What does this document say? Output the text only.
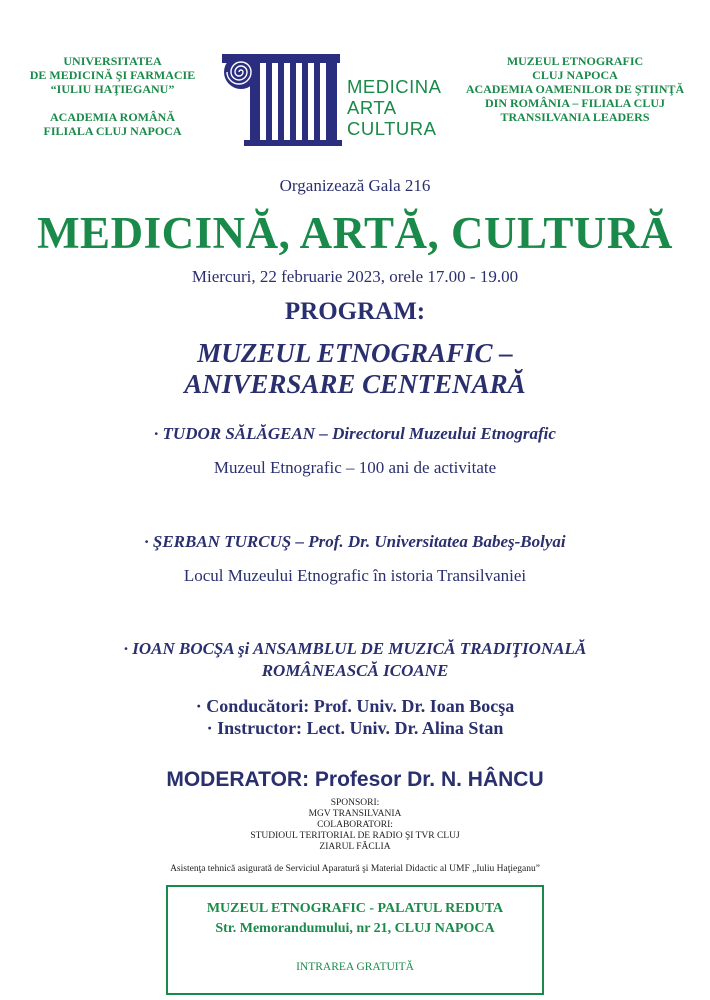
UNIVERSITATEA

DE MEDICINĂ ŞI FARMACIE

“IULIU HAŢIEGANU”

ACADEMIA ROMÂNĂ

FILIALA CLUJ NAPOCA

MEDICINA
ARTA
CULTURA

MUZEUL ETNOGRAFIC

CLUJ NAPOCA

ACADEMIA OAMENILOR DE ŞTIINŢĂ

DIN ROMÂNIA – FILIALA CLUJ

TRANSILVANIA LEADERS

Organizează Gala 216
MEDICINĂ, ARTĂ, CULTURĂ
Miercuri, 22 februarie 2023, orele 17.00 - 19.00
PROGRAM:
MUZEUL ETNOGRAFIC –
ANIVERSARE CENTENARĂ
· TUDOR SĂLĂGEAN – Directorul Muzeului Etnografic
Muzeul Etnografic – 100 ani de activitate
· ŞERBAN TURCUŞ – Prof. Dr. Universitatea Babeş-Bolyai
Locul Muzeului Etnografic în istoria Transilvaniei
· IOAN BOCŞA şi ANSAMBLUL DE MUZICĂ TRADIŢIONALĂ
ROMÂNEASCĂ ICOANE
· Conducători: Prof. Univ. Dr. Ioan Bocşa
· Instructor: Lect. Univ. Dr. Alina Stan
MODERATOR: Profesor Dr. N. HÂNCU
SPONSORI:
MGV TRANSILVANIA
COLABORATORI:
STUDIOUL TERITORIAL DE RADIO ŞI TVR CLUJ
ZIARUL FĂCLIA
Asistenţa tehnică asigurată de Serviciul Aparatură şi Material Didactic al UMF „Iuliu Haţieganu”
MUZEUL ETNOGRAFIC - PALATUL REDUTA
Str. Memorandumului, nr 21, CLUJ NAPOCA
INTRAREA GRATUITĂ
